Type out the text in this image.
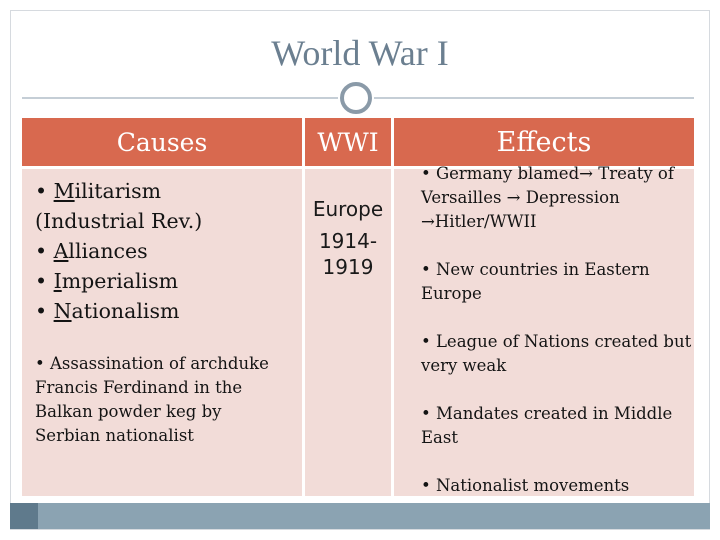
World War I
Causes	WWI	Effects
• Militarism
(Industrial Rev.)
• Alliances
• Imperialism
• Nationalism
• Assassination of archduke Francis Ferdinand in the Balkan powder keg by Serbian nationalist
Europe
1914-
1919
• Germany blamed→ Treaty of Versailles → Depression →Hitler/WWII
• New countries in Eastern Europe
• League of Nations created but very weak
• Mandates created in Middle East
• Nationalist movements
